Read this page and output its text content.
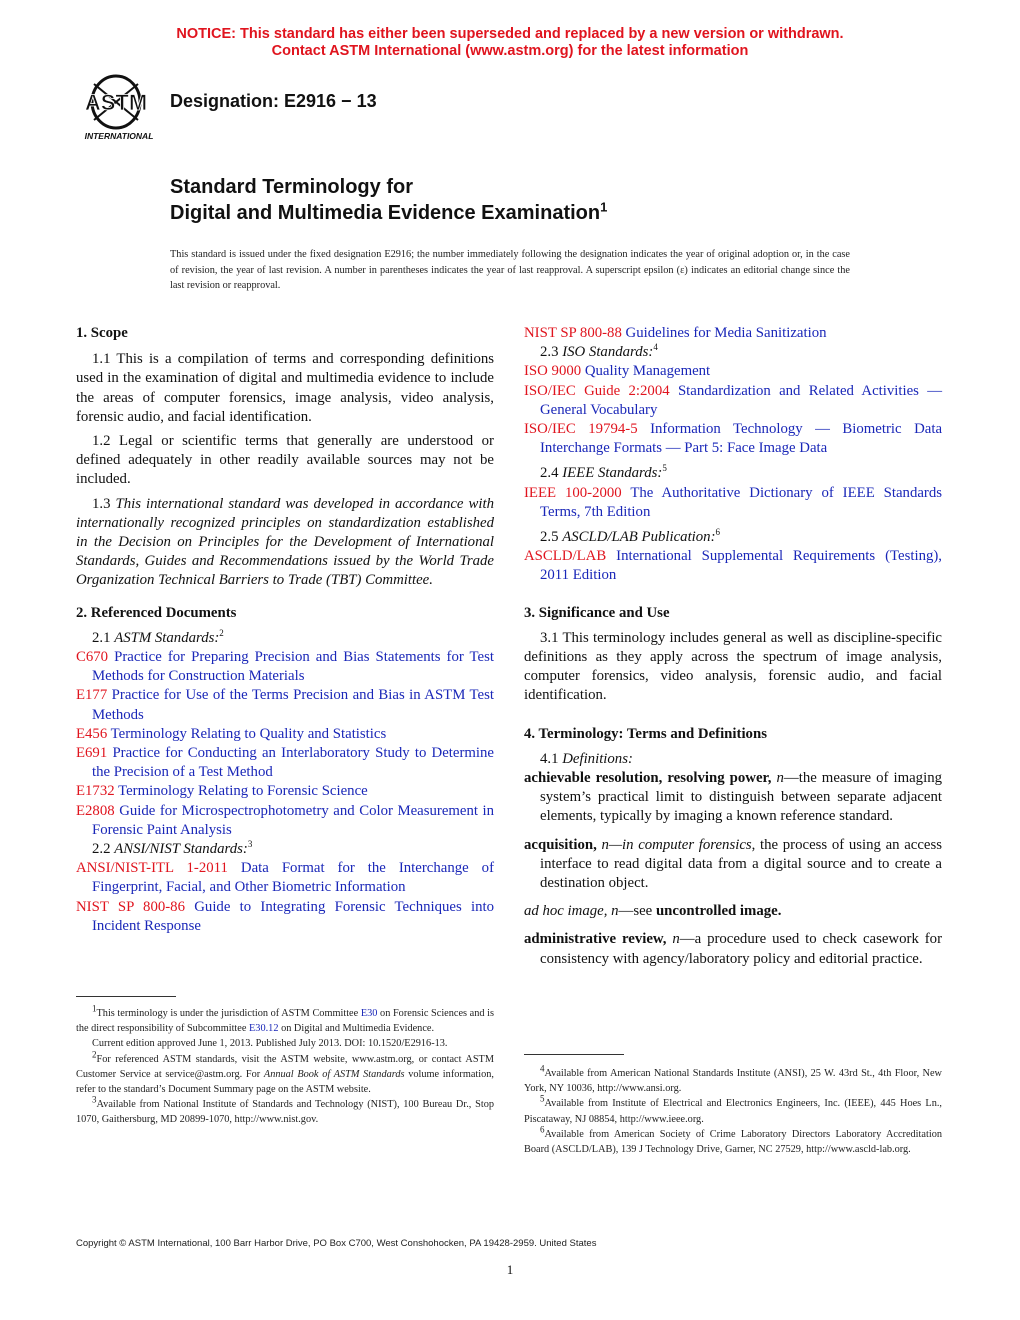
NOTICE: This standard has either been superseded and replaced by a new version or withdrawn.
Contact ASTM International (www.astm.org) for the latest information
ASTM
INTERNATIONAL
Designation: E2916 − 13
Standard Terminology for
Digital and Multimedia Evidence Examination$^1$
This standard is issued under the fixed designation E2916; the number immediately following the designation indicates the year of original adoption or, in the case of revision, the year of last revision. A number in parentheses indicates the year of last reapproval. A superscript epsilon (ε) indicates an editorial change since the last revision or reapproval.

1. Scope

1.1 This is a compilation of terms and corresponding definitions used in the examination of digital and multimedia evidence to include the areas of computer forensics, image analysis, video analysis, forensic audio, and facial identification.

1.2 Legal or scientific terms that generally are understood or defined adequately in other readily available sources may not be included.

1.3 This international standard was developed in accordance with internationally recognized principles on standardization established in the Decision on Principles for the Development of International Standards, Guides and Recommendations issued by the World Trade Organization Technical Barriers to Trade (TBT) Committee.

2. Referenced Documents

2.1 ASTM Standards:$^2$

C670 Practice for Preparing Precision and Bias Statements for Test Methods for Construction Materials

E177 Practice for Use of the Terms Precision and Bias in ASTM Test Methods

E456 Terminology Relating to Quality and Statistics

E691 Practice for Conducting an Interlaboratory Study to Determine the Precision of a Test Method

E1732 Terminology Relating to Forensic Science

E2808 Guide for Microspectrophotometry and Color Measurement in Forensic Paint Analysis

2.2 ANSI/NIST Standards:$^3$

ANSI/NIST-ITL 1-2011 Data Format for the Interchange of Fingerprint, Facial, and Other Biometric Information

NIST SP 800-86 Guide to Integrating Forensic Techniques into Incident Response

$^1$This terminology is under the jurisdiction of ASTM Committee E30 on Forensic Sciences and is the direct responsibility of Subcommittee E30.12 on Digital and Multimedia Evidence.

Current edition approved June 1, 2013. Published July 2013. DOI: 10.1520/E2916-13.

$^2$For referenced ASTM standards, visit the ASTM website, www.astm.org, or contact ASTM Customer Service at service@astm.org. For Annual Book of ASTM Standards volume information, refer to the standard’s Document Summary page on the ASTM website.

$^3$Available from National Institute of Standards and Technology (NIST), 100 Bureau Dr., Stop 1070, Gaithersburg, MD 20899-1070, http://www.nist.gov.

NIST SP 800-88 Guidelines for Media Sanitization

2.3 ISO Standards:$^4$

ISO 9000 Quality Management

ISO/IEC Guide 2:2004 Standardization and Related Activities — General Vocabulary

ISO/IEC 19794-5 Information Technology — Biometric Data Interchange Formats — Part 5: Face Image Data

2.4 IEEE Standards:$^5$

IEEE 100-2000 The Authoritative Dictionary of IEEE Standards Terms, 7th Edition

2.5 ASCLD/LAB Publication:$^6$

ASCLD/LAB International Supplemental Requirements (Testing), 2011 Edition

3. Significance and Use

3.1 This terminology includes general as well as discipline-specific definitions as they apply across the spectrum of image analysis, computer forensics, video analysis, forensic audio, and facial identification.

4. Terminology: Terms and Definitions

4.1 Definitions:

achievable resolution, resolving power, n—the measure of imaging system’s practical limit to distinguish between separate adjacent elements, typically by imaging a known reference standard.

acquisition, n—in computer forensics, the process of using an access interface to read digital data from a digital source and to create a destination object.

ad hoc image, n—see uncontrolled image.

administrative review, n—a procedure used to check casework for consistency with agency/laboratory policy and editorial practice.

$^4$Available from American National Standards Institute (ANSI), 25 W. 43rd St., 4th Floor, New York, NY 10036, http://www.ansi.org.

$^5$Available from Institute of Electrical and Electronics Engineers, Inc. (IEEE), 445 Hoes Ln., Piscataway, NJ 08854, http://www.ieee.org.

$^6$Available from American Society of Crime Laboratory Directors Laboratory Accreditation Board (ASCLD/LAB), 139 J Technology Drive, Garner, NC 27529, http://www.ascld-lab.org.

Copyright © ASTM International, 100 Barr Harbor Drive, PO Box C700, West Conshohocken, PA 19428-2959. United States
1
